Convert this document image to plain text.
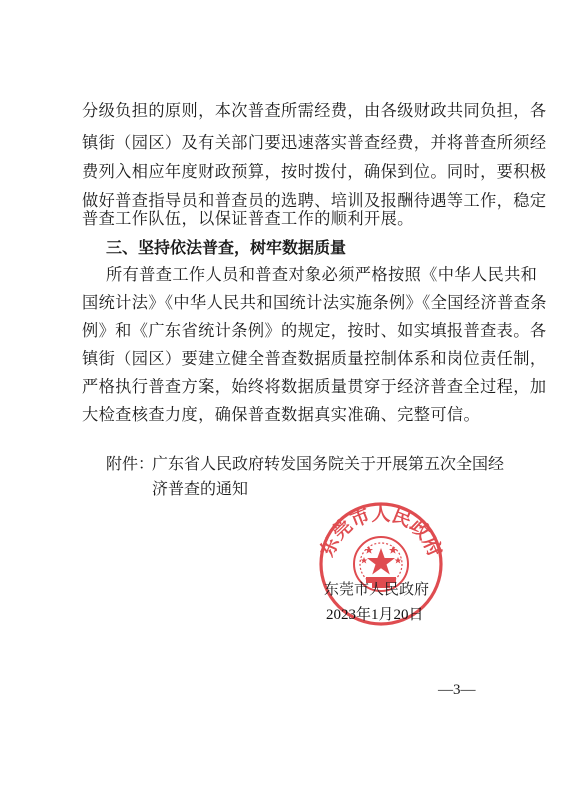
分级负担的原则，本次普查所需经费，由各级财政共同负担，各
镇街（园区）及有关部门要迅速落实普查经费，并将普查所须经
费列入相应年度财政预算，按时拨付，确保到位。同时，要积极
做好普查指导员和普查员的选聘、培训及报酬待遇等工作，稳定
普查工作队伍，以保证普查工作的顺利开展。
三、坚持依法普查，树牢数据质量
所有普查工作人员和普查对象必须严格按照《中华人民共和
国统计法》《中华人民共和国统计法实施条例》《全国经济普查条
例》和《广东省统计条例》的规定，按时、如实填报普查表。各
镇街（园区）要建立健全普查数据质量控制体系和岗位责任制，
严格执行普查方案，始终将数据质量贯穿于经济普查全过程，加
大检查核查力度，确保普查数据真实准确、完整可信。
附件：
广东省人民政府转发国务院关于开展第五次全国经
济普查的通知
东莞市人民政府
东莞市人民政府
2023年1月20日
—3—
